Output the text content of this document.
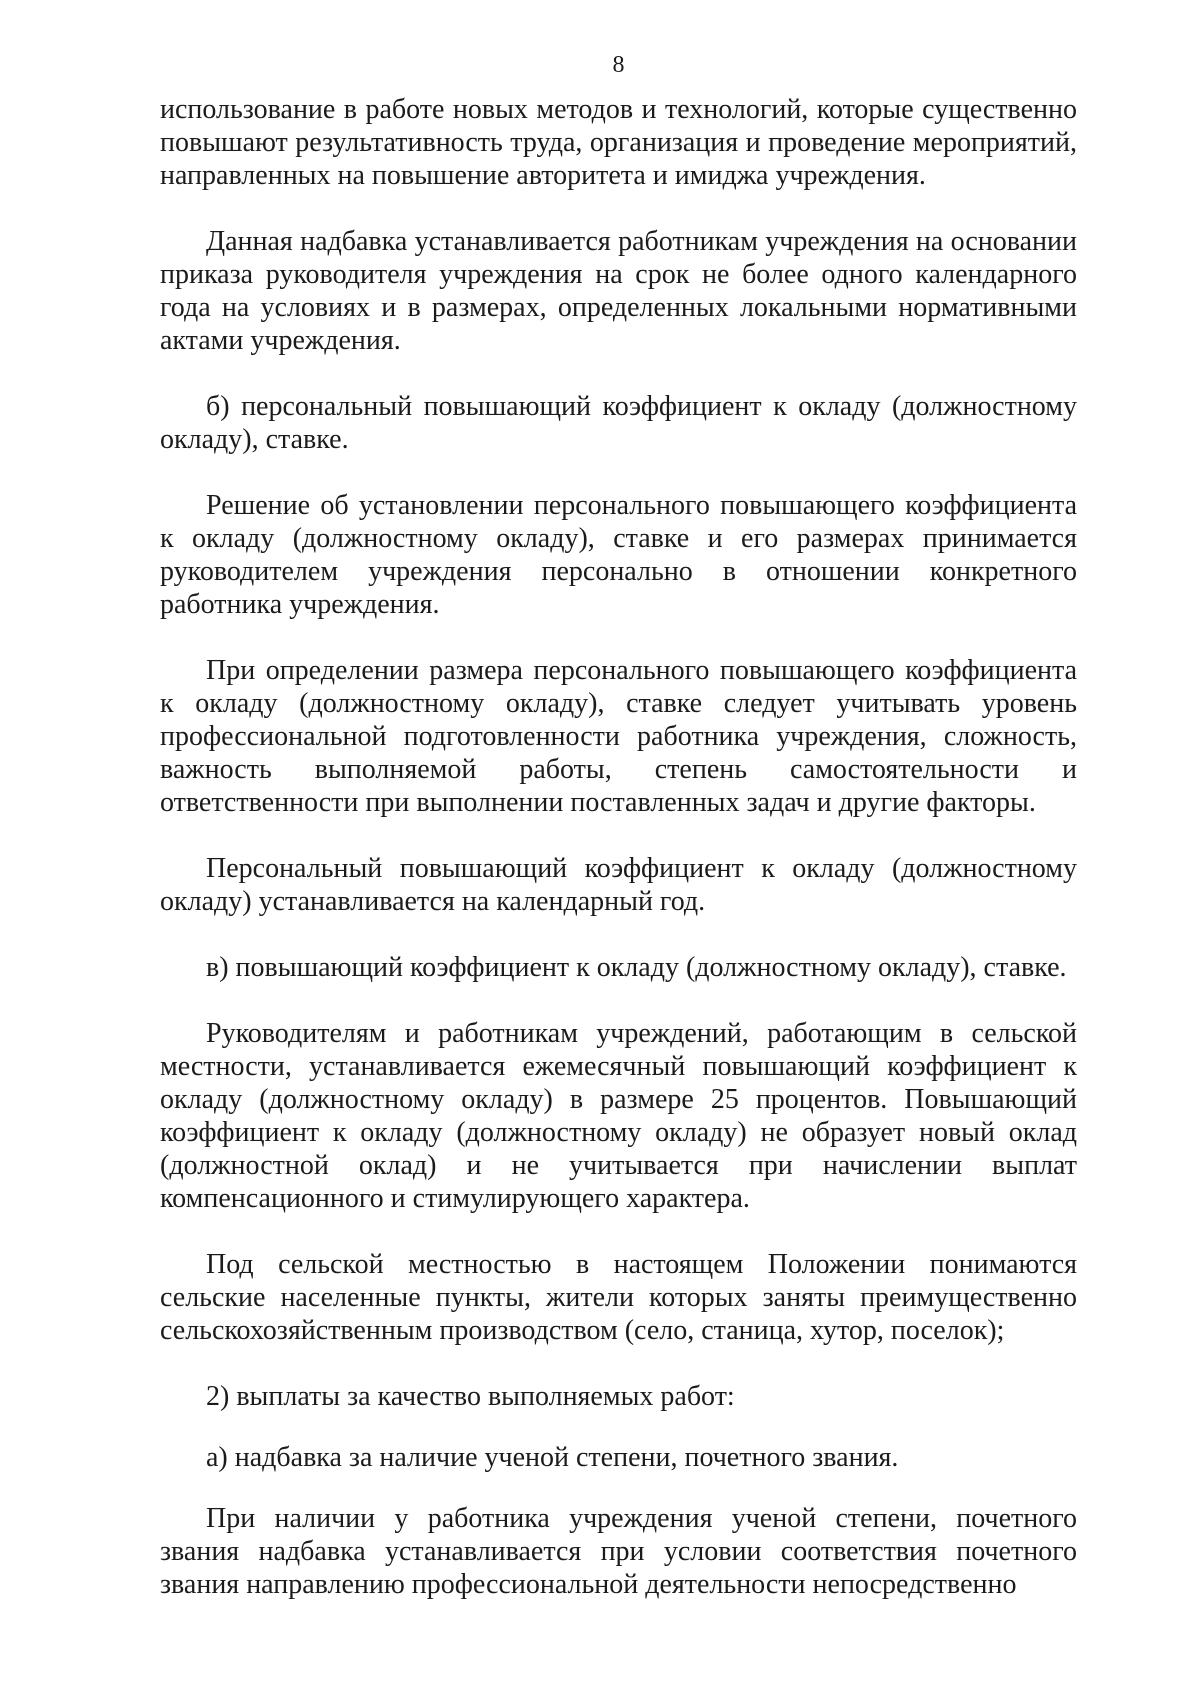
8

использование в работе новых методов и технологий, которые существенно повышают результативность труда, организация и проведение мероприятий, направленных на повышение авторитета и имиджа учреждения.

Данная надбавка устанавливается работникам учреждения на основании приказа руководителя учреждения на срок не более одного календарного года на условиях и в размерах, определенных локальными нормативными актами учреждения.

б) персональный повышающий коэффициент к окладу (должностному окладу), ставке.

Решение об установлении персонального повышающего коэффициента к окладу (должностному окладу), ставке и его размерах принимается руководителем учреждения персонально в отношении конкретного работника учреждения.

При определении размера персонального повышающего коэффициента к окладу (должностному окладу), ставке следует учитывать уровень профессиональной подготовленности работника учреждения, сложность, важность выполняемой работы, степень самостоятельности и ответственности при выполнении поставленных задач и другие факторы.

Персональный повышающий коэффициент к окладу (должностному окладу) устанавливается на календарный год.

в) повышающий коэффициент к окладу (должностному окладу), ставке.

Руководителям и работникам учреждений, работающим в сельской местности, устанавливается ежемесячный повышающий коэффициент к окладу (должностному окладу) в размере 25 процентов. Повышающий коэффициент к окладу (должностному окладу) не образует новый оклад (должностной оклад) и не учитывается при начислении выплат компенсационного и стимулирующего характера.

Под сельской местностью в настоящем Положении понимаются сельские населенные пункты, жители которых заняты преимущественно сельскохозяйственным производством (село, станица, хутор, поселок);

2) выплаты за качество выполняемых работ:

а) надбавка за наличие ученой степени, почетного звания.

При наличии у работника учреждения ученой степени, почетного звания надбавка устанавливается при условии соответствия почетного звания направлению профессиональной деятельности непосредственно
